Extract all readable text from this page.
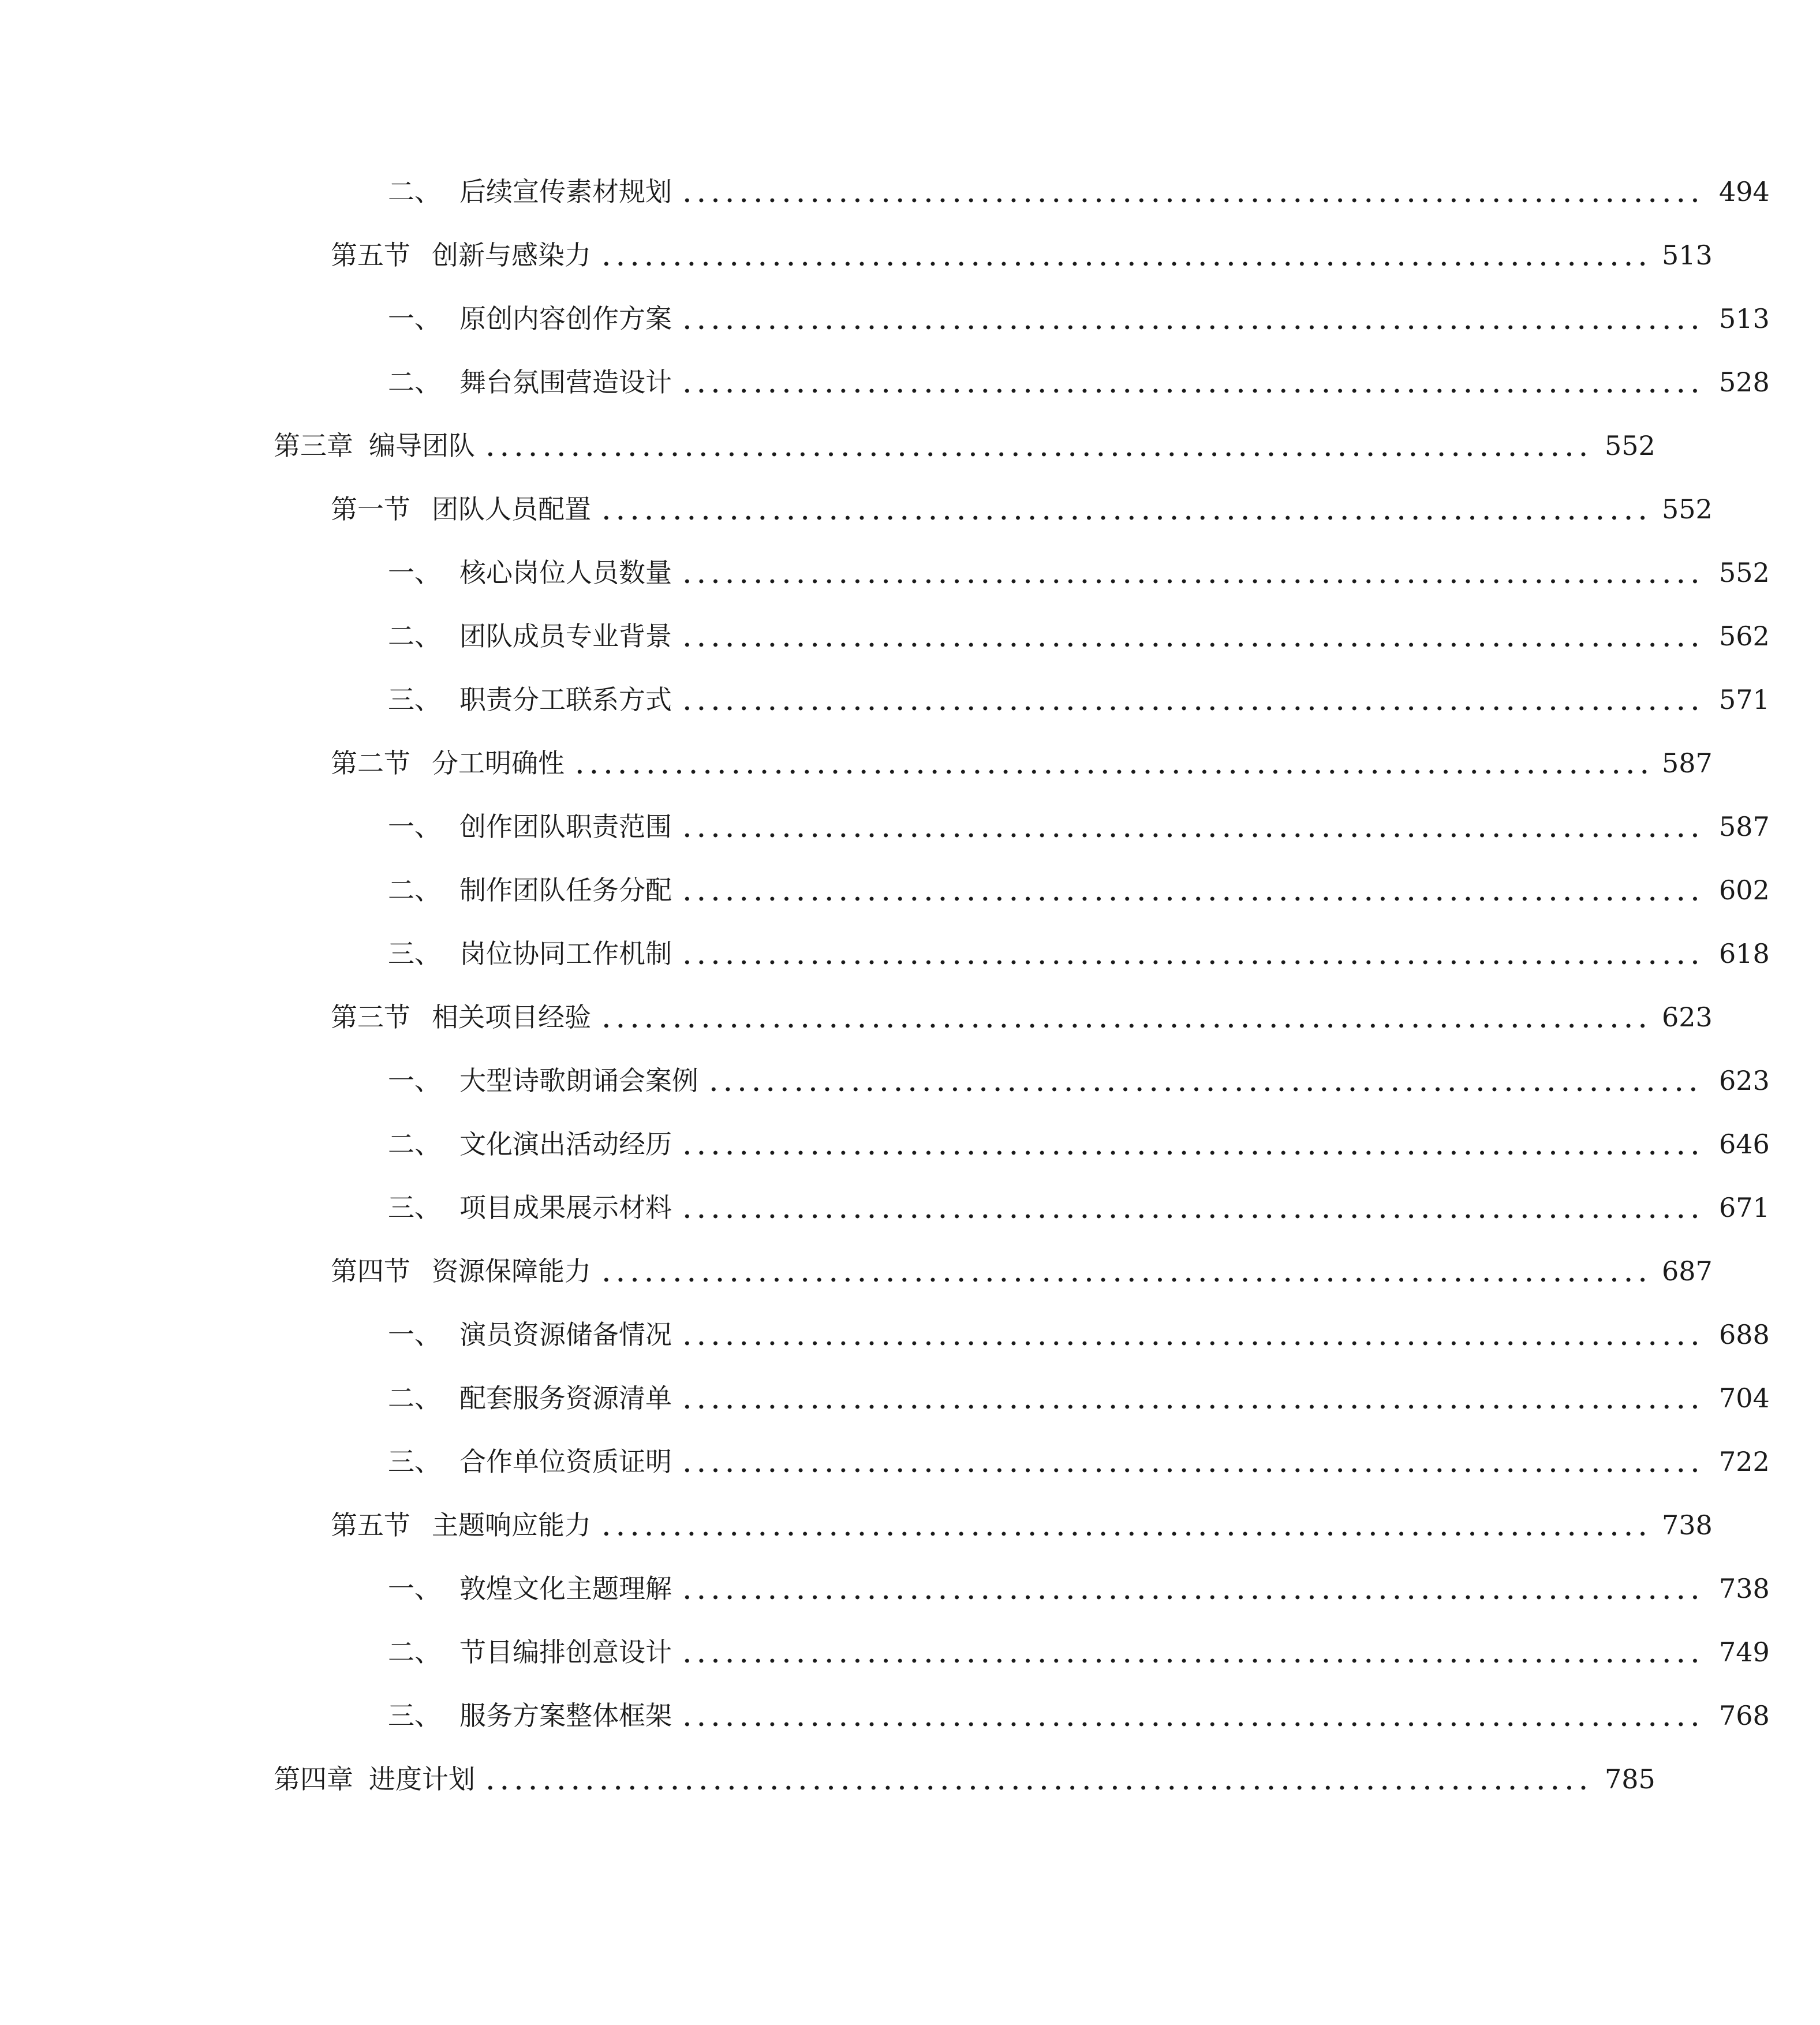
二、 后续宣传素材规划	494
第五节 创新与感染力	513
一、 原创内容创作方案	513
二、 舞台氛围营造设计	528
第三章 编导团队	552
第一节 团队人员配置	552
一、 核心岗位人员数量	552
二、 团队成员专业背景	562
三、 职责分工联系方式	571
第二节 分工明确性	587
一、 创作团队职责范围	587
二、 制作团队任务分配	602
三、 岗位协同工作机制	618
第三节 相关项目经验	623
一、 大型诗歌朗诵会案例	623
二、 文化演出活动经历	646
三、 项目成果展示材料	671
第四节 资源保障能力	687
一、 演员资源储备情况	688
二、 配套服务资源清单	704
三、 合作单位资质证明	722
第五节 主题响应能力	738
一、 敦煌文化主题理解	738
二、 节目编排创意设计	749
三、 服务方案整体框架	768
第四章 进度计划	785
